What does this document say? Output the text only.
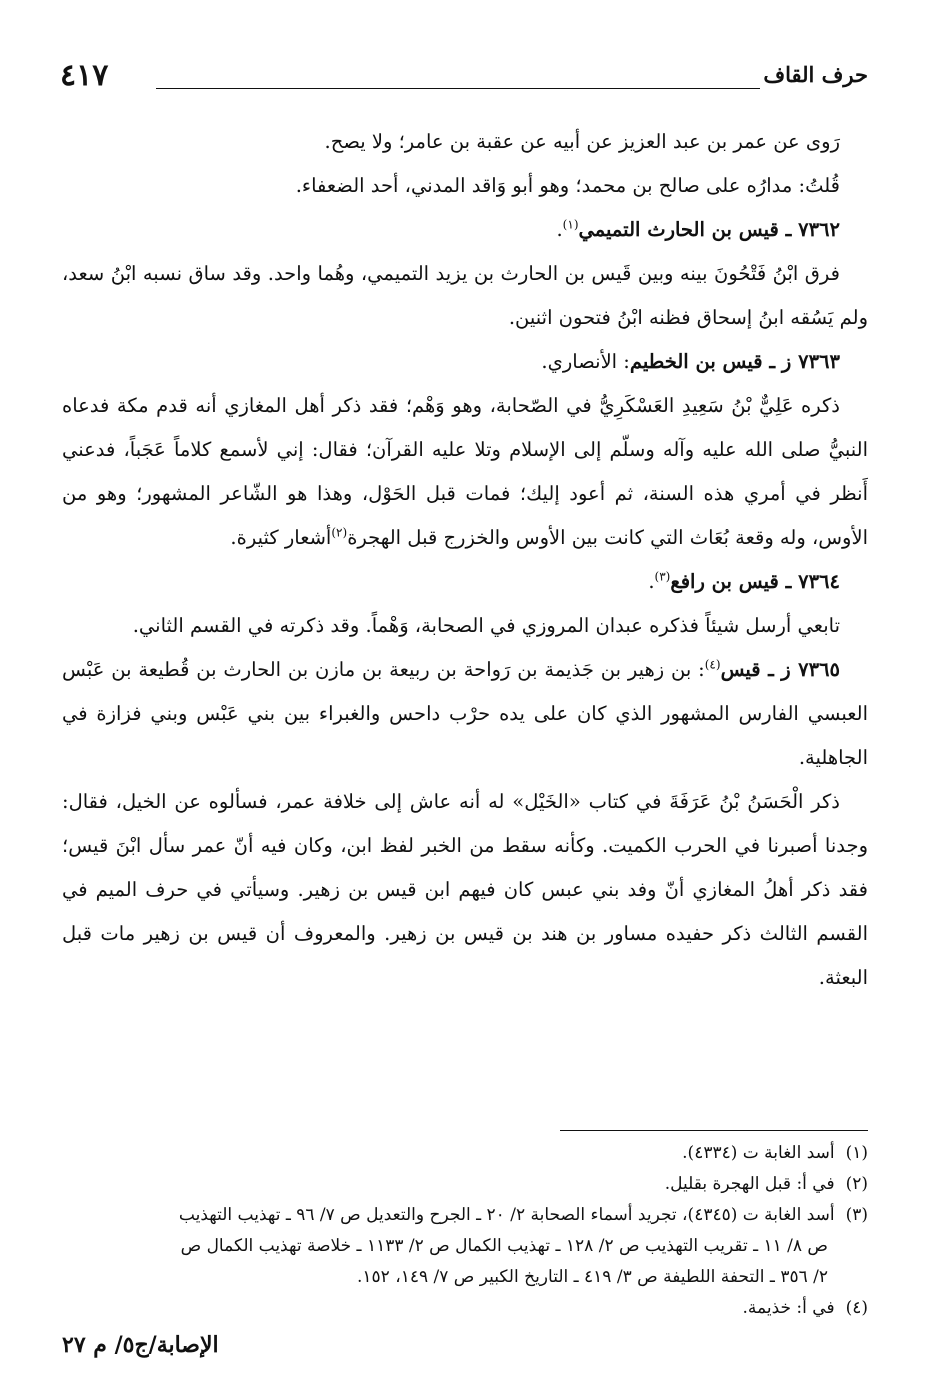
حرف القاف
٤١٧

رَوى عن عمر بن عبد العزيز عن أبيه عن عقبة بن عامر؛ ولا يصح.

قُلتُ: مدارُه على صالح بن محمد؛ وهو أبو وَاقد المدني، أحد الضعفاء.

٧٣٦٢ ـ قيس بن الحارث التميمي$^{(١)}$.

فرق ابْنُ فَتْحُونَ بينه وبين قَيس بن الحارث بن يزيد التميمي، وهُما واحد. وقد ساق نسبه ابْنُ سعد، ولم يَسُقه ابنُ إسحاق فظنه ابْنُ فتحون اثنين.

٧٣٦٣ ز ـ قيس بن الخطيم: الأنصاري.

ذكره عَلِيٌّ بْنُ سَعِيدِ العَسْكَرِيُّ في الصّحابة، وهو وَهْم؛ فقد ذكر أهل المغازي أنه قدم مكة فدعاه النبيُّ صلى الله عليه وآله وسلّم إلى الإسلام وتلا عليه القرآن؛ فقال: إني لأسمع كلاماً عَجَباً، فدعني أَنظر في أمري هذه السنة، ثم أعود إليك؛ فمات قبل الحَوْل، وهذا هو الشّاعر المشهور؛ وهو من الأوس، وله وقعة بُعَاث التي كانت بين الأوس والخزرج قبل الهجرة$^{(٢)}$أشعار كثيرة.

٧٣٦٤ ـ قيس بن رافع$^{(٣)}$.

تابعي أرسل شيئاً فذكره عبدان المروزي في الصحابة، وَهْماً. وقد ذكرته في القسم الثاني.

٧٣٦٥ ز ـ قيس$^{(٤)}$: بن زهير بن جَذيمة بن رَواحة بن ربيعة بن مازن بن الحارث بن قُطيعة بن عَبْس العبسي الفارس المشهور الذي كان على يده حرْب داحس والغبراء بين بني عَبْس وبني فزازة في الجاهلية.

ذكر الْحَسَنُ بْنُ عَرَفَةَ في كتاب «الخَيْل» له أنه عاش إلى خلافة عمر، فسألوه عن الخيل، فقال: وجدنا أصبرنا في الحرب الكميت. وكأنه سقط من الخبر لفظ ابن، وكان فيه أنّ عمر سأل ابْنَ قيس؛ فقد ذكر أهلُ المغازي أنّ وفد بني عبس كان فيهم ابن قيس بن زهير. وسيأتي في حرف الميم في القسم الثالث ذكر حفيده مساور بن هند بن قيس بن زهير. والمعروف أن قيس بن زهير مات قبل البعثة.

(١) أسد الغابة ت (٤٣٣٤).

(٢) في أ: قبل الهجرة بقليل.

(٣) أسد الغابة ت (٤٣٤٥)، تجريد أسماء الصحابة ٢/ ٢٠ ـ الجرح والتعديل ص ٧/ ٩٦ ـ تهذيب التهذيب

ص ٨/ ١١ ـ تقريب التهذيب ص ٢/ ١٢٨ ـ تهذيب الكمال ص ٢/ ١١٣٣ ـ خلاصة تهذيب الكمال ص

٢/ ٣٥٦ ـ التحفة اللطيفة ص ٣/ ٤١٩ ـ التاريخ الكبير ص ٧/ ١٤٩، ١٥٢.

(٤) في أ: خذيمة.

الإصابة/ج٥/ م ٢٧
